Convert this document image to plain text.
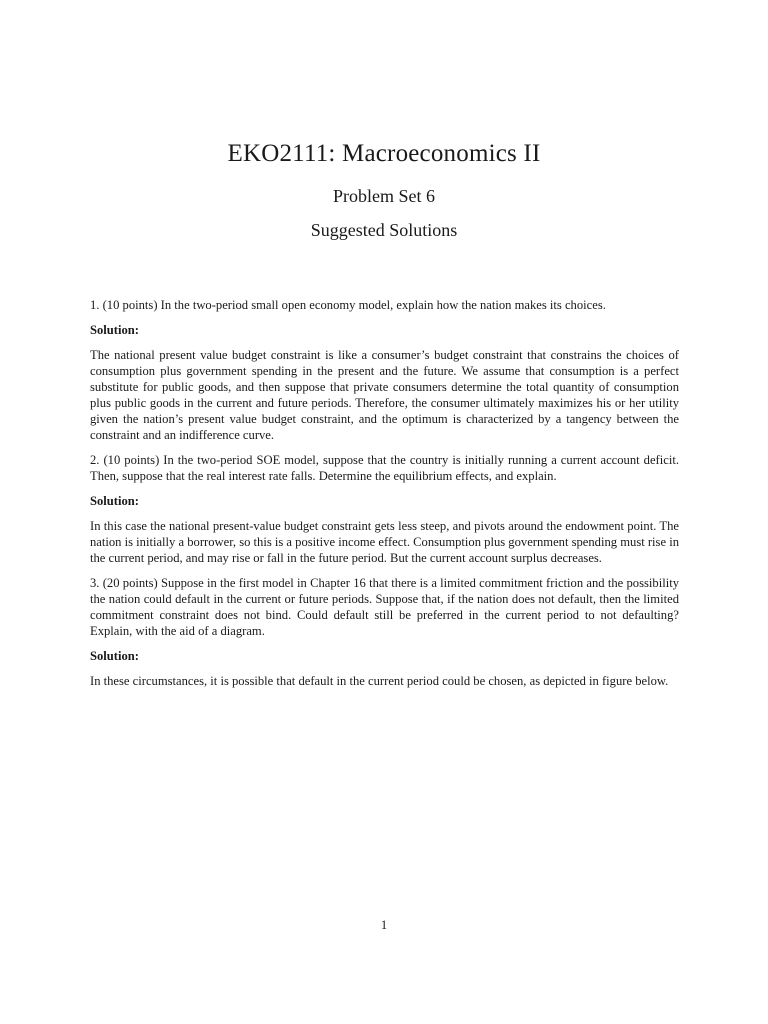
EKO2111: Macroeconomics II
Problem Set 6
Suggested Solutions

1. (10 points) In the two-period small open economy model, explain how the nation makes its choices.

Solution:

The national present value budget constraint is like a consumer’s budget constraint that constrains the choices of consumption plus government spending in the present and the future. We assume that consumption is a perfect substitute for public goods, and then suppose that private consumers determine the total quantity of consumption plus public goods in the current and future periods. Therefore, the consumer ultimately maximizes his or her utility given the nation’s present value budget constraint, and the optimum is characterized by a tangency between the constraint and an indifference curve.

2. (10 points) In the two-period SOE model, suppose that the country is initially running a current account deficit. Then, suppose that the real interest rate falls. Determine the equilibrium effects, and explain.

Solution:

In this case the national present-value budget constraint gets less steep, and pivots around the endowment point. The nation is initially a borrower, so this is a positive income effect. Consumption plus government spending must rise in the current period, and may rise or fall in the future period. But the current account surplus decreases.

3. (20 points) Suppose in the first model in Chapter 16 that there is a limited commitment friction and the possibility the nation could default in the current or future periods. Suppose that, if the nation does not default, then the limited commitment constraint does not bind. Could default still be preferred in the current period to not defaulting? Explain, with the aid of a diagram.

Solution:

In these circumstances, it is possible that default in the current period could be chosen, as depicted in figure below.

1
